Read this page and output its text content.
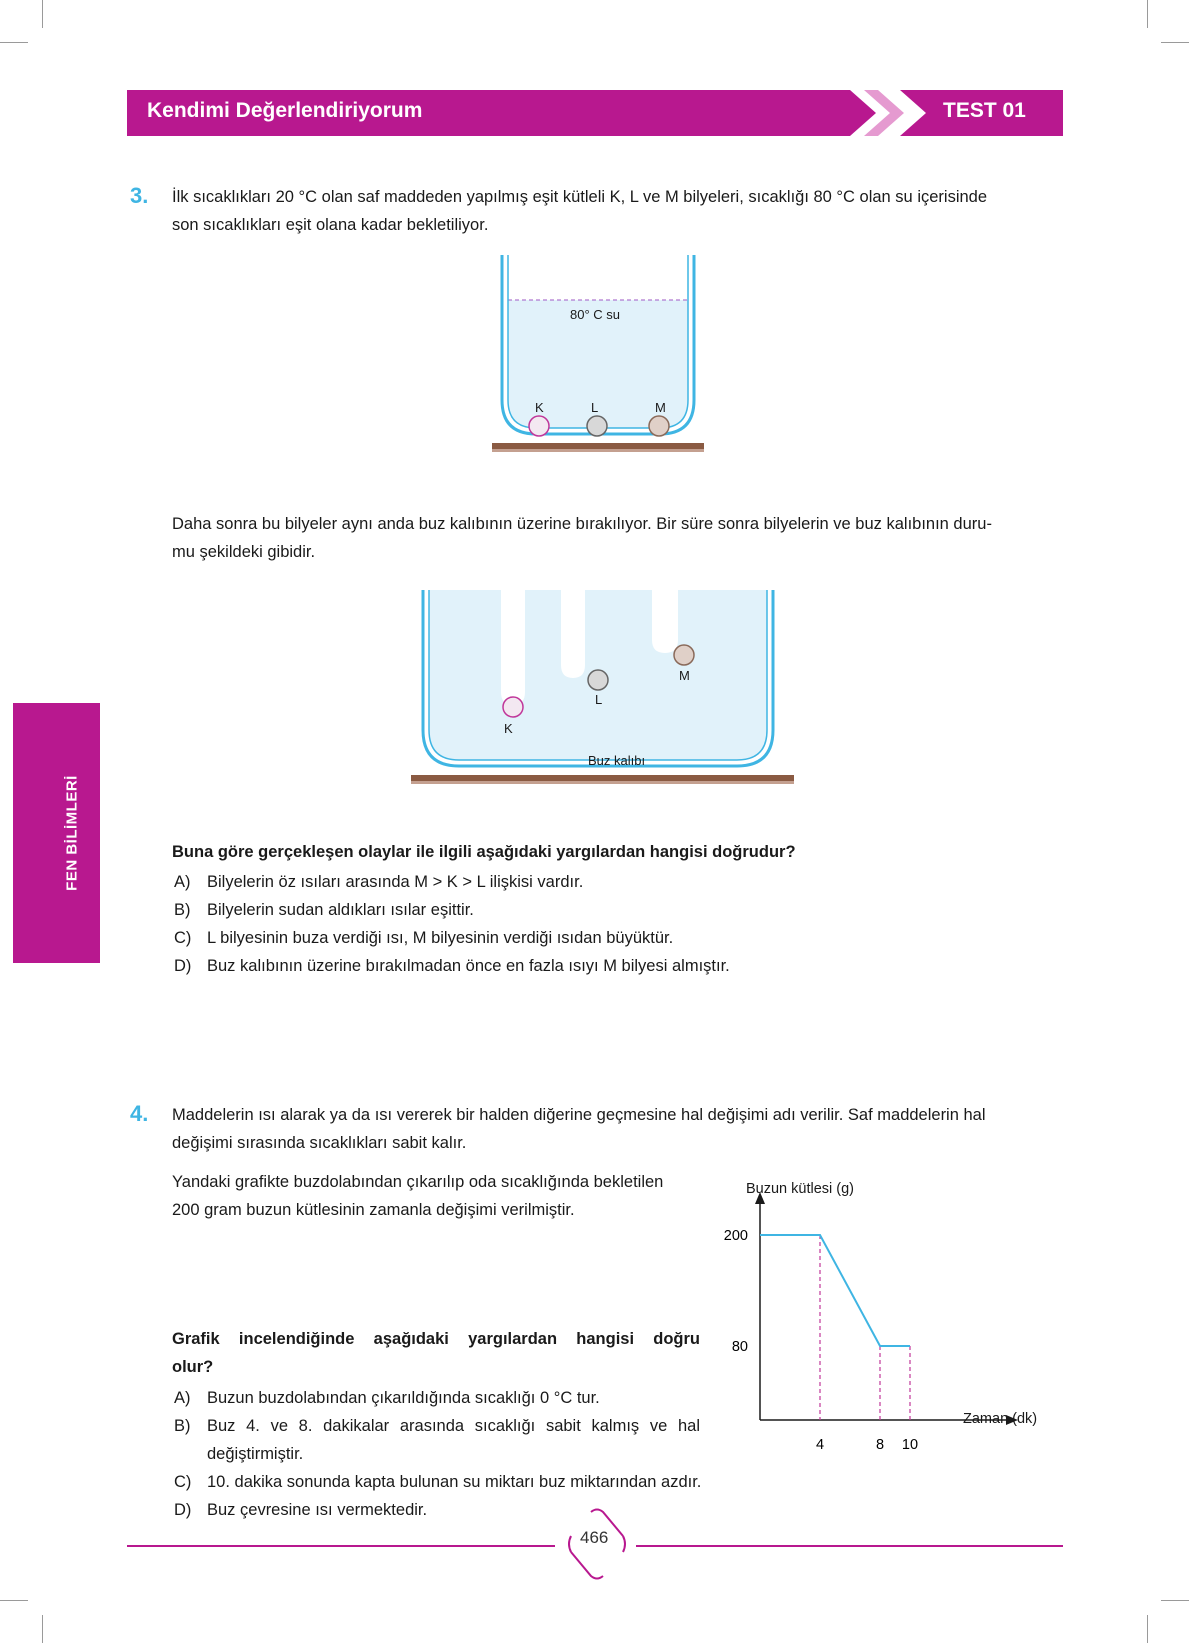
Kendimi Değerlendiriyorum	TEST 01
FEN BİLİMLERİ
3. İlk sıcaklıkları 20 °C olan saf maddeden yapılmış eşit kütleli K, L ve M bilyeleri, sıcaklığı 80 °C olan su içerisinde
son sıcaklıkları eşit olana kadar bekletiliyor.
80° C su
K	L	M
Daha sonra bu bilyeler aynı anda buz kalıbının üzerine bırakılıyor. Bir süre sonra bilyelerin ve buz kalıbının duru-
mu şekildeki gibidir.
K
L
M
Buz kalıbı
Buna göre gerçekleşen olaylar ile ilgili aşağıdaki yargılardan hangisi doğrudur?
A) Bilyelerin öz ısıları arasında M > K > L ilişkisi vardır.
B) Bilyelerin sudan aldıkları ısılar eşittir.
C) L bilyesinin buza verdiği ısı, M bilyesinin verdiği ısıdan büyüktür.
D) Buz kalıbının üzerine bırakılmadan önce en fazla ısıyı M bilyesi almıştır.
4. Maddelerin ısı alarak ya da ısı vererek bir halden diğerine geçmesine hal değişimi adı verilir. Saf maddelerin hal
değişimi sırasında sıcaklıkları sabit kalır.
Yandaki grafikte buzdolabından çıkarılıp oda sıcaklığında bekletilen
200 gram buzun kütlesinin zamanla değişimi verilmiştir.
Grafik incelendiğinde aşağıdaki yargılardan hangisi doğru
olur?
A) Buzun buzdolabından çıkarıldığında sıcaklığı 0 °C tur.
B)	Buz 4. ve 8. dakikalar arasında sıcaklığı sabit kalmış ve hal
değiştirmiştir.
C) 10. dakika sonunda kapta bulunan su miktarı buz miktarından azdır.
D) Buz çevresine ısı vermektedir.
Buzun kütlesi (g)
Zaman (dk)
4	8 10
200
80
466
